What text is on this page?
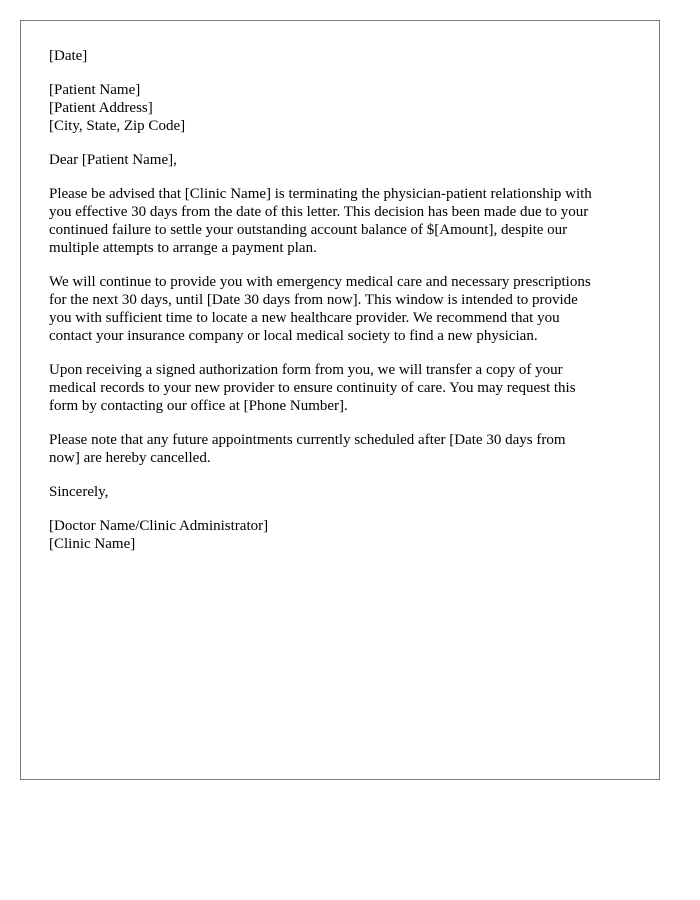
[Date]
[Patient Name]
[Patient Address]
[City, State, Zip Code]
Dear [Patient Name],
Please be advised that [Clinic Name] is terminating the physician-patient relationship with
you effective 30 days from the date of this letter. This decision has been made due to your
continued failure to settle your outstanding account balance of $[Amount], despite our
multiple attempts to arrange a payment plan.
We will continue to provide you with emergency medical care and necessary prescriptions
for the next 30 days, until [Date 30 days from now]. This window is intended to provide
you with sufficient time to locate a new healthcare provider. We recommend that you
contact your insurance company or local medical society to find a new physician.
Upon receiving a signed authorization form from you, we will transfer a copy of your
medical records to your new provider to ensure continuity of care. You may request this
form by contacting our office at [Phone Number].
Please note that any future appointments currently scheduled after [Date 30 days from
now] are hereby cancelled.
Sincerely,
[Doctor Name/Clinic Administrator]
[Clinic Name]
